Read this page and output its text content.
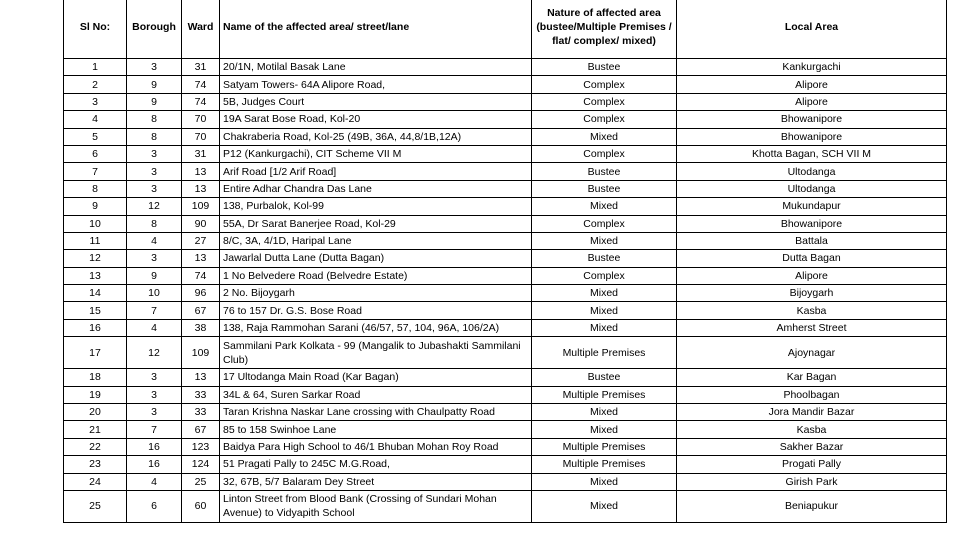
Sl No:	Borough	Ward	Name of the affected area/ street/lane	Nature of affected area (bustee/Multiple Premises / flat/ complex/ mixed)	Local Area
1	3	31	20/1N, Motilal Basak Lane	Bustee	Kankurgachi
2	9	74	Satyam Towers- 64A Alipore Road,	Complex	Alipore
3	9	74	5B, Judges Court	Complex	Alipore
4	8	70	19A Sarat Bose Road, Kol-20	Complex	Bhowanipore
5	8	70	Chakraberia Road, Kol-25 (49B, 36A, 44,8/1B,12A)	Mixed	Bhowanipore
6	3	31	P12 (Kankurgachi), CIT Scheme VII M	Complex	Khotta Bagan, SCH VII M
7	3	13	Arif Road [1/2 Arif Road]	Bustee	Ultodanga
8	3	13	Entire Adhar Chandra Das Lane	Bustee	Ultodanga
9	12	109	138, Purbalok, Kol-99	Mixed	Mukundapur
10	8	90	55A, Dr Sarat Banerjee Road, Kol-29	Complex	Bhowanipore
11	4	27	8/C, 3A, 4/1D, Haripal Lane	Mixed	Battala
12	3	13	Jawarlal Dutta Lane (Dutta Bagan)	Bustee	Dutta Bagan
13	9	74	1 No Belvedere Road (Belvedre Estate)	Complex	Alipore
14	10	96	2 No. Bijoygarh	Mixed	Bijoygarh
15	7	67	76 to 157 Dr. G.S. Bose Road	Mixed	Kasba
16	4	38	138, Raja Rammohan Sarani (46/57, 57, 104, 96A, 106/2A)	Mixed	Amherst Street
17	12	109	Sammilani Park Kolkata - 99 (Mangalik to Jubashakti Sammilani Club)	Multiple Premises	Ajoynagar
18	3	13	17 Ultodanga Main Road (Kar Bagan)	Bustee	Kar Bagan
19	3	33	34L & 64, Suren Sarkar Road	Multiple Premises	Phoolbagan
20	3	33	Taran Krishna Naskar Lane crossing with Chaulpatty Road	Mixed	Jora Mandir Bazar
21	7	67	85 to 158 Swinhoe Lane	Mixed	Kasba
22	16	123	Baidya Para High School to 46/1 Bhuban Mohan Roy Road	Multiple Premises	Sakher Bazar
23	16	124	51 Pragati Pally to 245C M.G.Road,	Multiple Premises	Progati Pally
24	4	25	32, 67B, 5/7 Balaram Dey Street	Mixed	Girish Park
25	6	60	Linton Street from Blood Bank (Crossing of Sundari Mohan Avenue) to Vidyapith School	Mixed	Beniapukur
